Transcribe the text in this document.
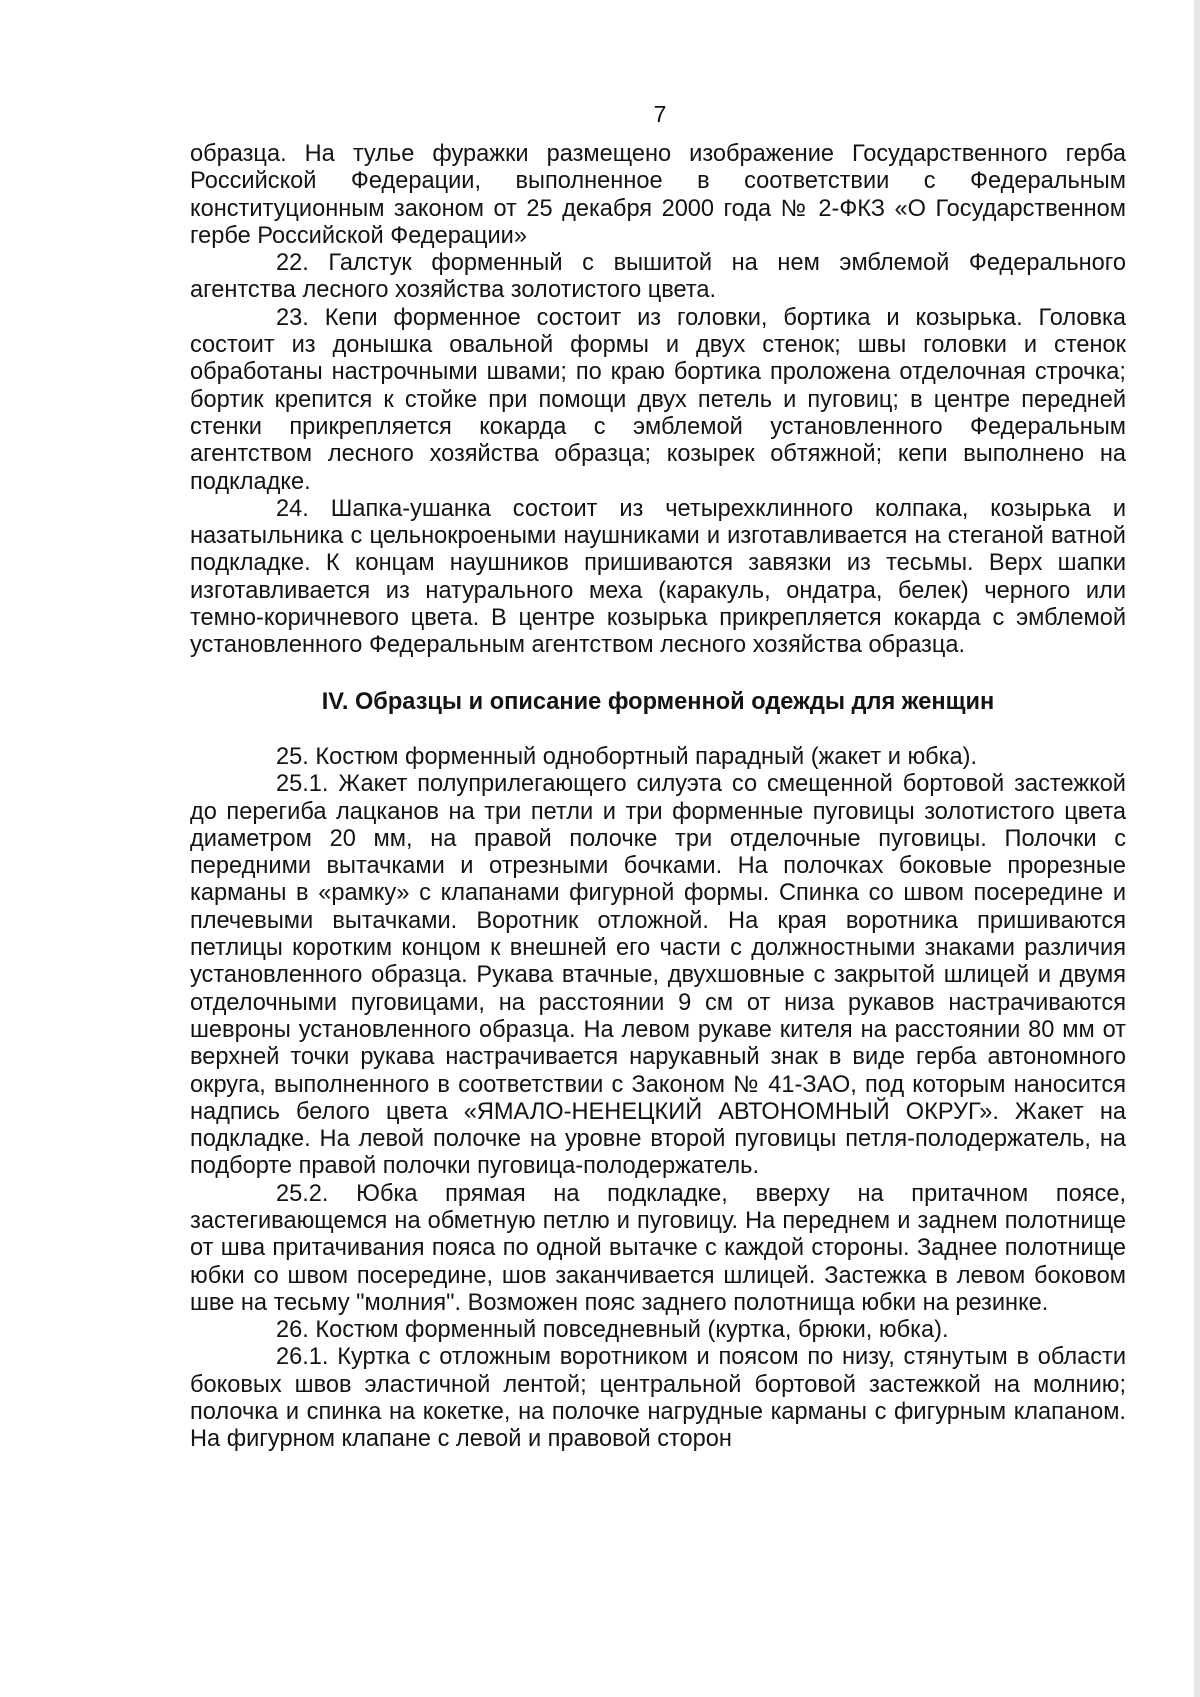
7

образца. На тулье фуражки размещено изображение Государственного герба Российской Федерации, выполненное в соответствии с Федеральным конституционным законом от 25 декабря 2000 года № 2-ФКЗ «О Государственном гербе Российской Федерации»

22. Галстук форменный с вышитой на нем эмблемой Федерального агентства лесного хозяйства золотистого цвета.

23. Кепи форменное состоит из головки, бортика и козырька. Головка состоит из донышка овальной формы и двух стенок; швы головки и стенок обработаны настрочными швами; по краю бортика проложена отделочная строчка; бортик крепится к стойке при помощи двух петель и пуговиц; в центре передней стенки прикрепляется кокарда с эмблемой установленного Федеральным агентством лесного хозяйства образца; козырек обтяжной; кепи выполнено на подкладке.

24. Шапка-ушанка состоит из четырехклинного колпака, козырька и назатыльника с цельнокроеными наушниками и изготавливается на стеганой ватной подкладке. К концам наушников пришиваются завязки из тесьмы. Верх шапки изготавливается из натурального меха (каракуль, ондатра, белек) черного или темно-коричневого цвета. В центре козырька прикрепляется кокарда с эмблемой установленного Федеральным агентством лесного хозяйства образца.

IV. Образцы и описание форменной одежды для женщин

25. Костюм форменный однобортный парадный (жакет и юбка).

25.1. Жакет полуприлегающего силуэта со смещенной бортовой застежкой до перегиба лацканов на три петли и три форменные пуговицы золотистого цвета диаметром 20 мм, на правой полочке три отделочные пуговицы. Полочки с передними вытачками и отрезными бочками. На полочках боковые прорезные карманы в «рамку» с клапанами фигурной формы. Спинка со швом посередине и плечевыми вытачками. Воротник отложной. На края воротника пришиваются петлицы коротким концом к внешней его части с должностными знаками различия установленного образца. Рукава втачные, двухшовные с закрытой шлицей и двумя отделочными пуговицами, на расстоянии 9 см от низа рукавов настрачиваются шевроны установленного образца. На левом рукаве кителя на расстоянии 80 мм от верхней точки рукава настрачивается нарукавный знак в виде герба автономного округа, выполненного в соответствии с Законом № 41-ЗАО, под которым наносится надпись белого цвета «ЯМАЛО-НЕНЕЦКИЙ АВТОНОМНЫЙ ОКРУГ». Жакет на подкладке. На левой полочке на уровне второй пуговицы петля-полодержатель, на подборте правой полочки пуговица-полодержатель.

25.2. Юбка прямая на подкладке, вверху на притачном поясе, застегивающемся на обметную петлю и пуговицу. На переднем и заднем полотнище от шва притачивания пояса по одной вытачке с каждой стороны. Заднее полотнище юбки со швом посередине, шов заканчивается шлицей. Застежка в левом боковом шве на тесьму "молния". Возможен пояс заднего полотнища юбки на резинке.

26. Костюм форменный повседневный (куртка, брюки, юбка).

26.1. Куртка с отложным воротником и поясом по низу, стянутым в области боковых швов эластичной лентой; центральной бортовой застежкой на молнию; полочка и спинка на кокетке, на полочке нагрудные карманы с фигурным клапаном. На фигурном клапане с левой и правовой сторон
